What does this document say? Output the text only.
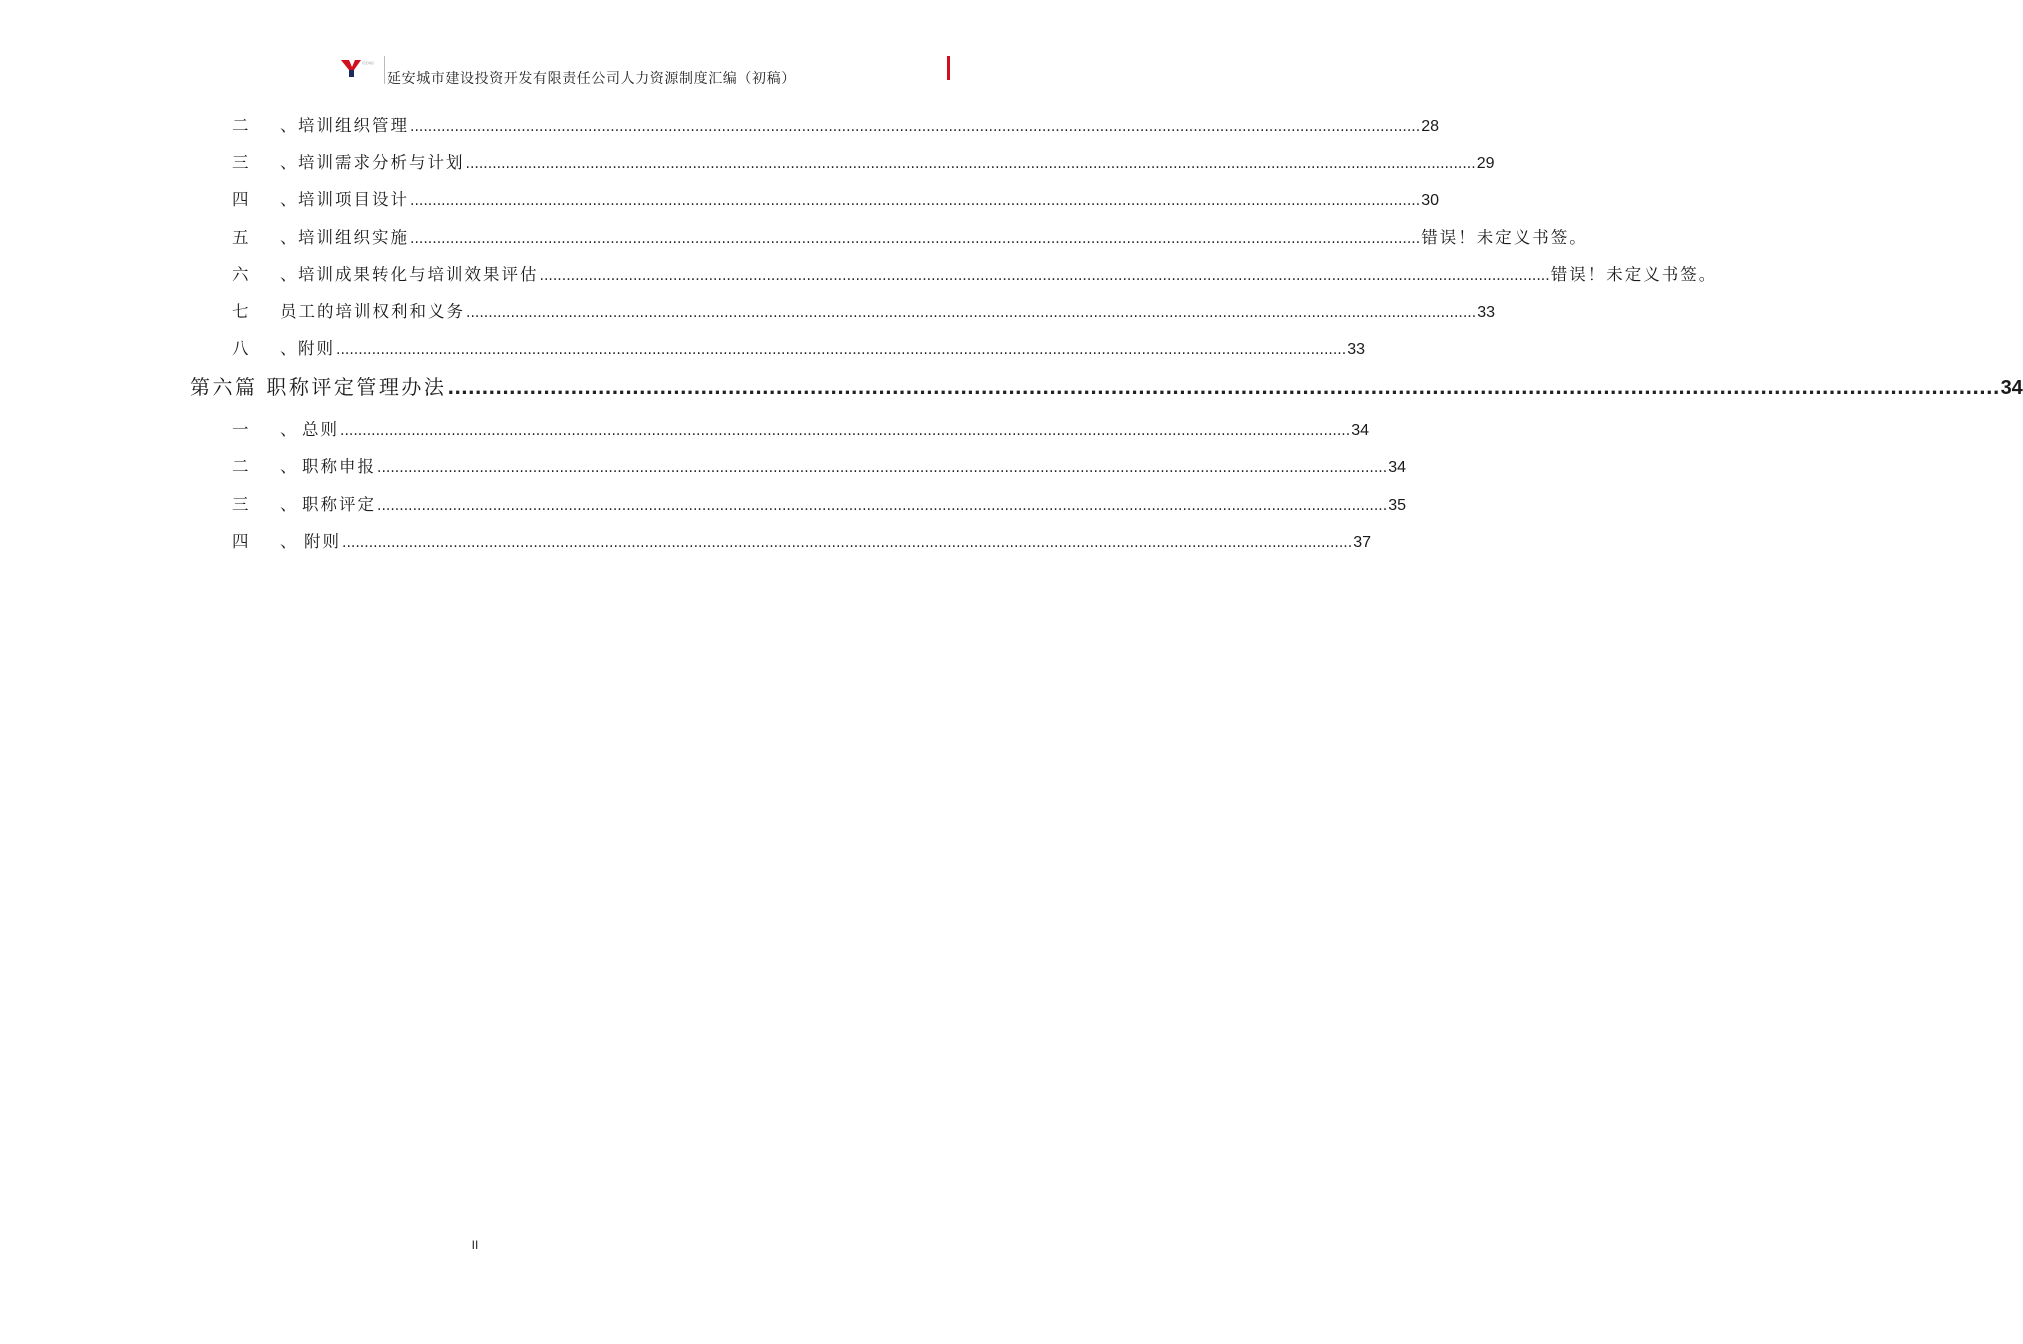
延安城投
延安城市建设投资开发有限责任公司人力资源制度汇编（初稿）
二	、 培训组织管理 ................................................................................................................................................................................................................................... 28
三	、 培训需求分析与计划 ................................................................................................................................................................................................................................... 29
四	、 培训项目设计 ................................................................................................................................................................................................................................... 30
五	、 培训组织实施 ................................................................................................................................................................................................................................... 错误！未定义书签。
六	、 培训成果转化与培训效果评估 ................................................................................................................................................................................................................................... 错误！未定义书签。
七	员工的培训权利和义务 ................................................................................................................................................................................................................................... 33
八	、 附则 ................................................................................................................................................................................................................................... 33
第六篇 职称评定管理办法 ................................................................................................................................................................................................................................... 34
一	、 总则 ................................................................................................................................................................................................................................... 34
二	、 职称申报 ................................................................................................................................................................................................................................... 34
三	、 职称评定 ................................................................................................................................................................................................................................... 35
四	、 附则 ................................................................................................................................................................................................................................... 37
II
